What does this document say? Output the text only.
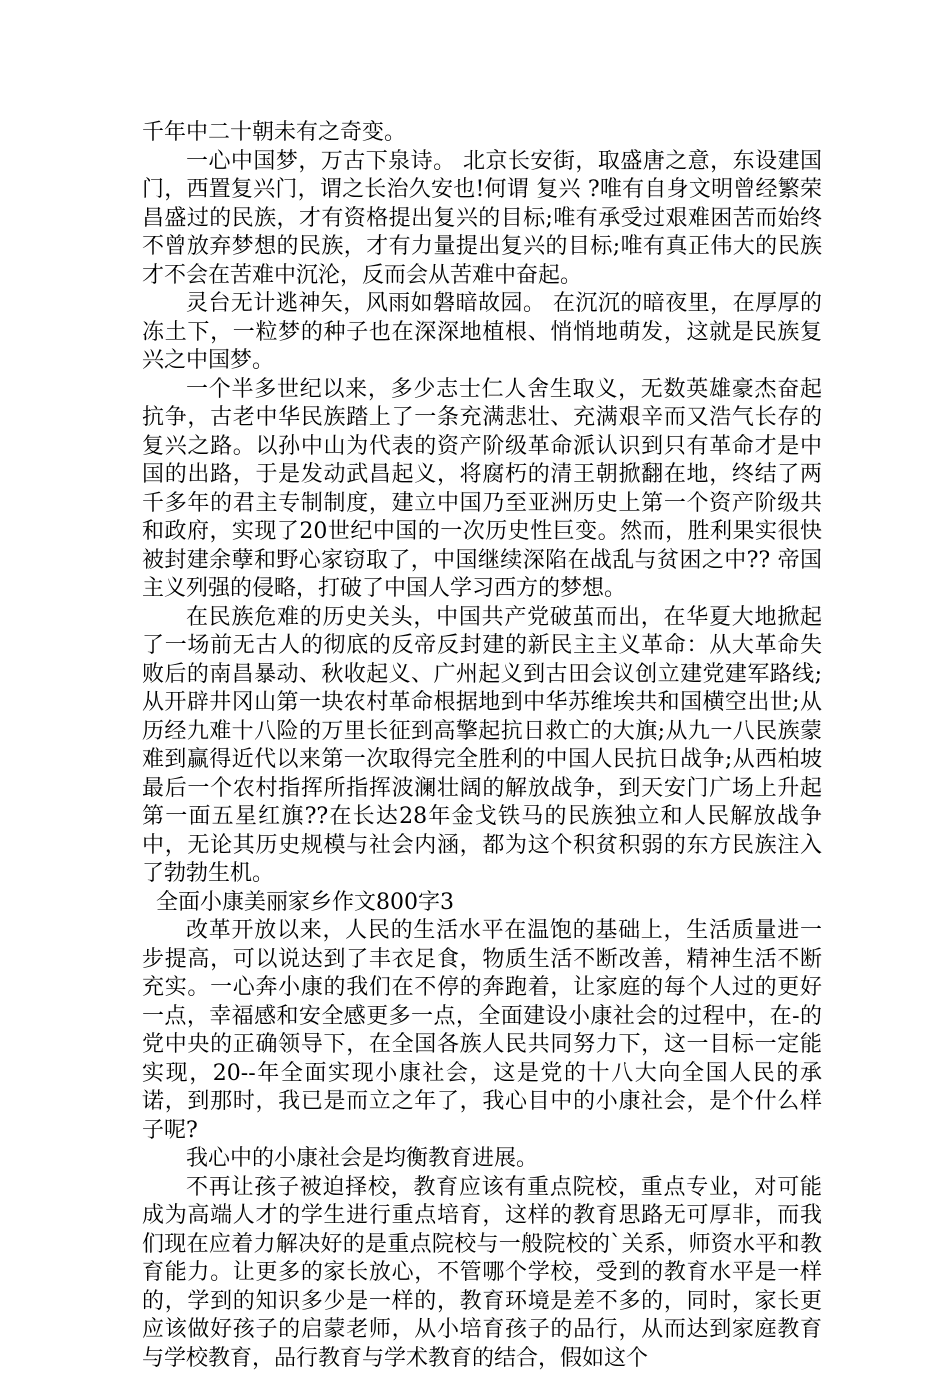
千年中二十朝未有之奇变。

一心中国梦，万古下泉诗。 北京长安街，取盛唐之意，东设建国门，西置复兴门，谓之长治久安也!何谓 复兴 ?唯有自身文明曾经繁荣昌盛过的民族，才有资格提出复兴的目标;唯有承受过艰难困苦而始终不曾放弃梦想的民族，才有力量提出复兴的目标;唯有真正伟大的民族才不会在苦难中沉沦，反而会从苦难中奋起。

灵台无计逃神矢，风雨如磐暗故园。 在沉沉的暗夜里，在厚厚的冻土下，一粒梦的种子也在深深地植根、悄悄地萌发，这就是民族复兴之中国梦。

一个半多世纪以来，多少志士仁人舍生取义，无数英雄豪杰奋起抗争，古老中华民族踏上了一条充满悲壮、充满艰辛而又浩气长存的复兴之路。以孙中山为代表的资产阶级革命派认识到只有革命才是中国的出路，于是发动武昌起义，将腐朽的清王朝掀翻在地，终结了两千多年的君主专制制度，建立中国乃至亚洲历史上第一个资产阶级共和政府，实现了20世纪中国的一次历史性巨变。然而，胜利果实很快被封建余孽和野心家窃取了，中国继续深陷在战乱与贫困之中?? 帝国主义列强的侵略，打破了中国人学习西方的梦想。

在民族危难的历史关头，中国共产党破茧而出，在华夏大地掀起了一场前无古人的彻底的反帝反封建的新民主主义革命：从大革命失败后的南昌暴动、秋收起义、广州起义到古田会议创立建党建军路线;从开辟井冈山第一块农村革命根据地到中华苏维埃共和国横空出世;从历经九难十八险的万里长征到高擎起抗日救亡的大旗;从九一八民族蒙难到赢得近代以来第一次取得完全胜利的中国人民抗日战争;从西柏坡最后一个农村指挥所指挥波澜壮阔的解放战争，到天安门广场上升起第一面五星红旗??在长达28年金戈铁马的民族独立和人民解放战争中，无论其历史规模与社会内涵，都为这个积贫积弱的东方民族注入了勃勃生机。

全面小康美丽家乡作文800字3

改革开放以来，人民的生活水平在温饱的基础上，生活质量进一步提高，可以说达到了丰衣足食，物质生活不断改善，精神生活不断充实。一心奔小康的我们在不停的奔跑着，让家庭的每个人过的更好一点，幸福感和安全感更多一点，全面建设小康社会的过程中，在-的党中央的正确领导下，在全国各族人民共同努力下，这一目标一定能实现，20--年全面实现小康社会，这是党的十八大向全国人民的承诺，到那时，我已是而立之年了，我心目中的小康社会，是个什么样子呢?

我心中的小康社会是均衡教育进展。

不再让孩子被迫择校，教育应该有重点院校，重点专业，对可能成为高端人才的学生进行重点培育，这样的教育思路无可厚非，而我们现在应着力解决好的是重点院校与一般院校的`关系，师资水平和教育能力。让更多的家长放心，不管哪个学校，受到的教育水平是一样的，学到的知识多少是一样的，教育环境是差不多的，同时，家长更应该做好孩子的启蒙老师，从小培育孩子的品行，从而达到家庭教育与学校教育，品行教育与学术教育的结合，假如这个
